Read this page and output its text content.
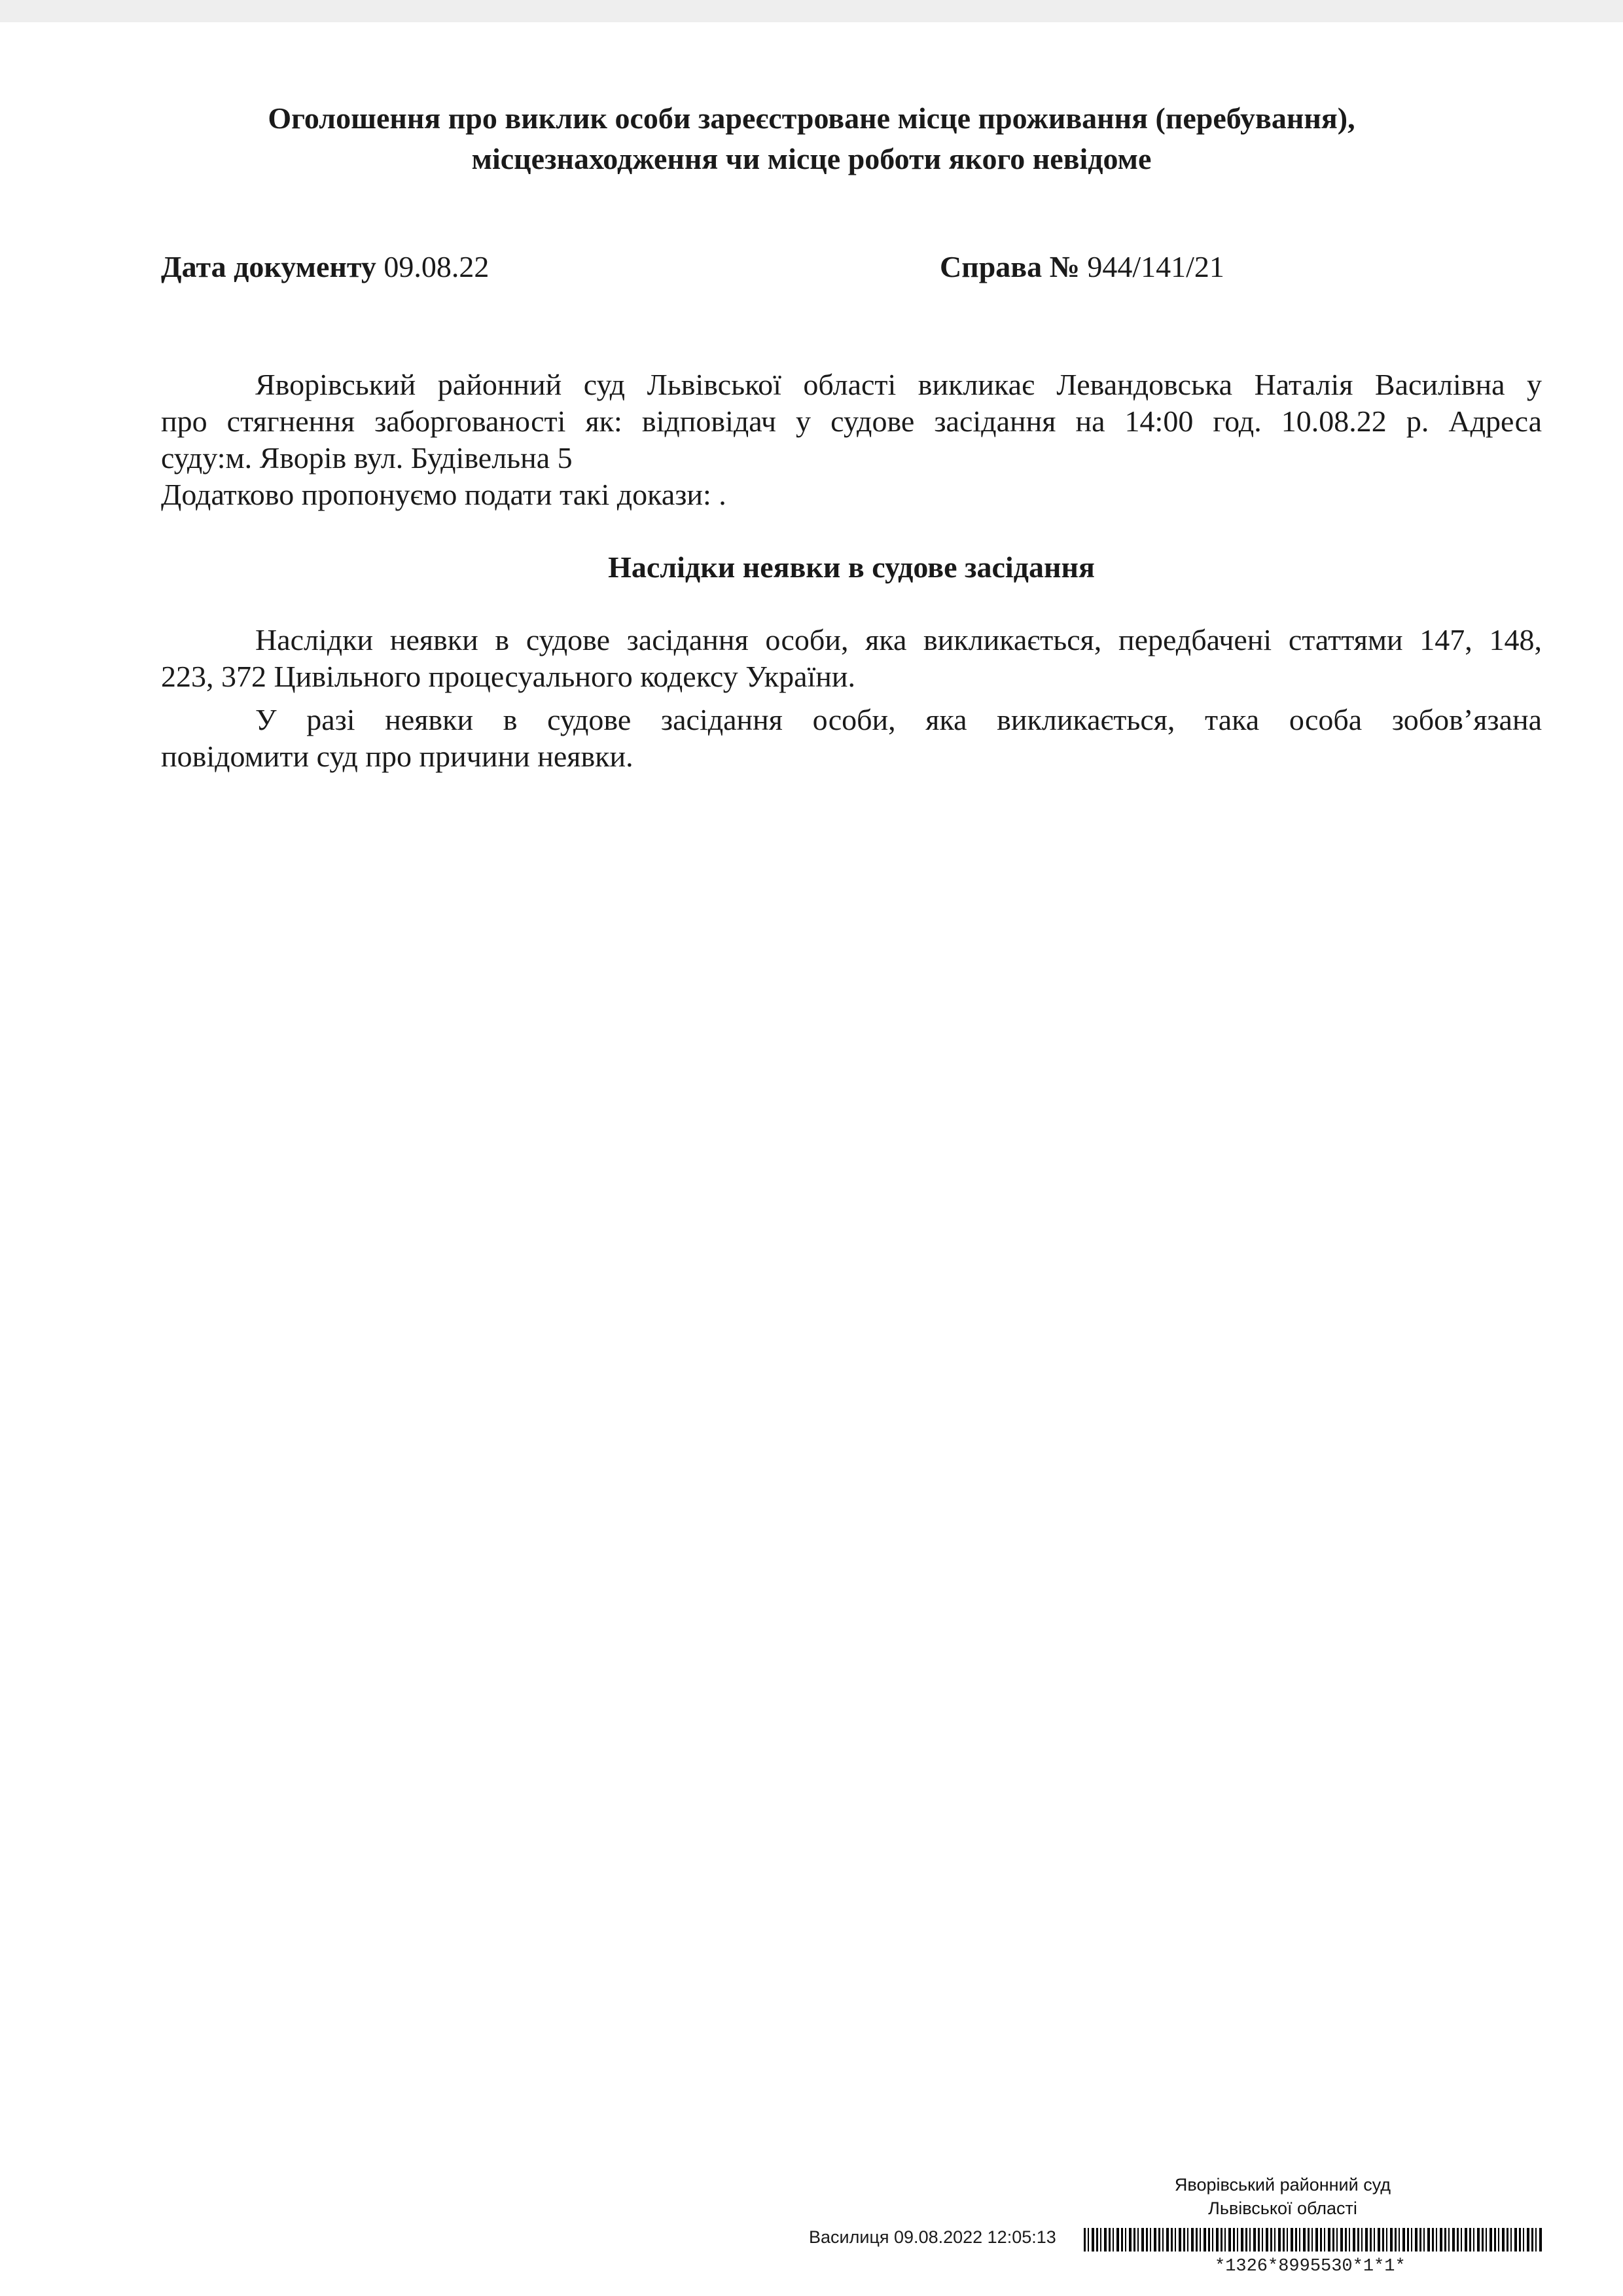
Оголошення про виклик особи зареєстроване місце проживання (перебування),
місцезнаходження чи місце роботи якого невідоме
Дата документу 09.08.22	Справа № 944/141/21
Яворівський районний суд Львівської області викликає Левандовська Наталія Василівна у
про стягнення заборгованості як: відповідач у судове засідання на 14:00 год. 10.08.22 р. Адреса
суду:м. Яворів вул. Будівельна 5
Додатково пропонуємо подати такі докази: .
Наслідки неявки в судове засідання
Наслідки неявки в судове засідання особи, яка викликається, передбачені статтями 147, 148,
223, 372 Цивільного процесуального кодексу України.
У разі неявки в судове засідання особи, яка викликається, така особа зобов’язана
повідомити суд про причини неявки.
Яворівський районний суд
Львівської області
Василиця 09.08.2022 12:05:13
*1326*8995530*1*1*
